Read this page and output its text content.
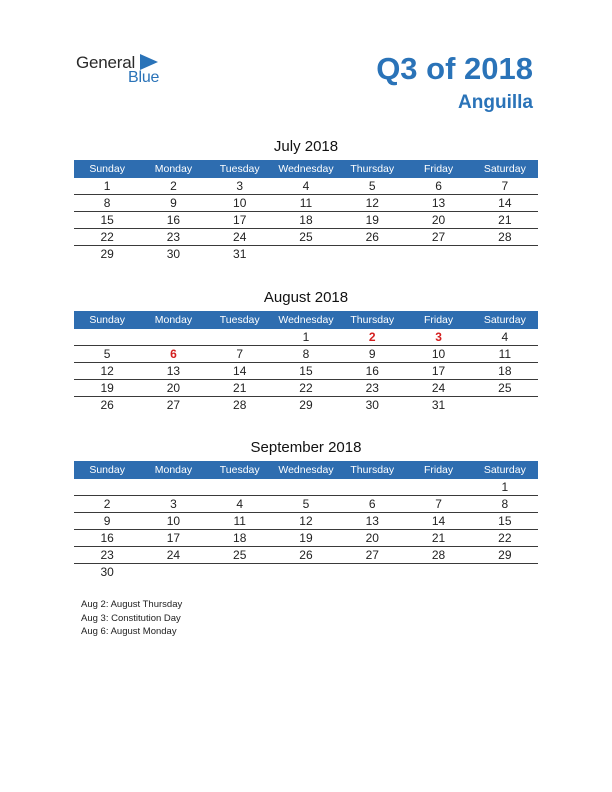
General
Blue	Q3 of 2018
Anguilla
July 2018
Sunday	Monday	Tuesday	Wednesday	Thursday	Friday	Saturday
1	2	3	4	5	6	7
8	9	10	11	12	13	14
15	16	17	18	19	20	21
22	23	24	25	26	27	28
29	30	31				
August 2018
Sunday	Monday	Tuesday	Wednesday	Thursday	Friday	Saturday
			1	2	3	4
5	6	7	8	9	10	11
12	13	14	15	16	17	18
19	20	21	22	23	24	25
26	27	28	29	30	31	
September 2018
Sunday	Monday	Tuesday	Wednesday	Thursday	Friday	Saturday
						1
2	3	4	5	6	7	8
9	10	11	12	13	14	15
16	17	18	19	20	21	22
23	24	25	26	27	28	29
30						
Aug 2: August Thursday
Aug 3: Constitution Day
Aug 6: August Monday
